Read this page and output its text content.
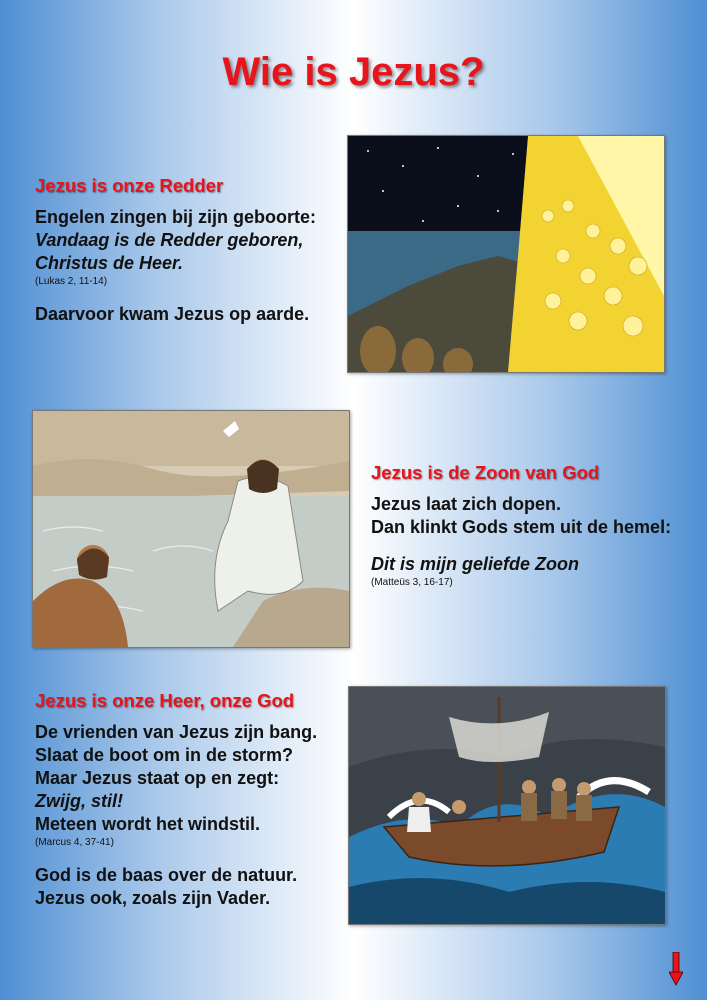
Wie is Jezus?
Jezus is onze Redder
Engelen zingen bij zijn geboorte:
Vandaag is de Redder geboren,
Christus de Heer.
(Lukas 2, 11-14)
Daarvoor kwam Jezus op aarde.
Jezus is de Zoon van God
Jezus laat zich dopen.
Dan klinkt Gods stem uit de hemel:
Dit is mijn geliefde Zoon
(Matteüs 3, 16-17)
Jezus is onze Heer, onze God
De vrienden van Jezus zijn bang.
Slaat de boot om in de storm?
Maar Jezus staat op en zegt:
Zwijg, stil!
Meteen wordt het windstil.
(Marcus 4, 37-41)
God is de baas over de natuur.
Jezus ook, zoals zijn Vader.
